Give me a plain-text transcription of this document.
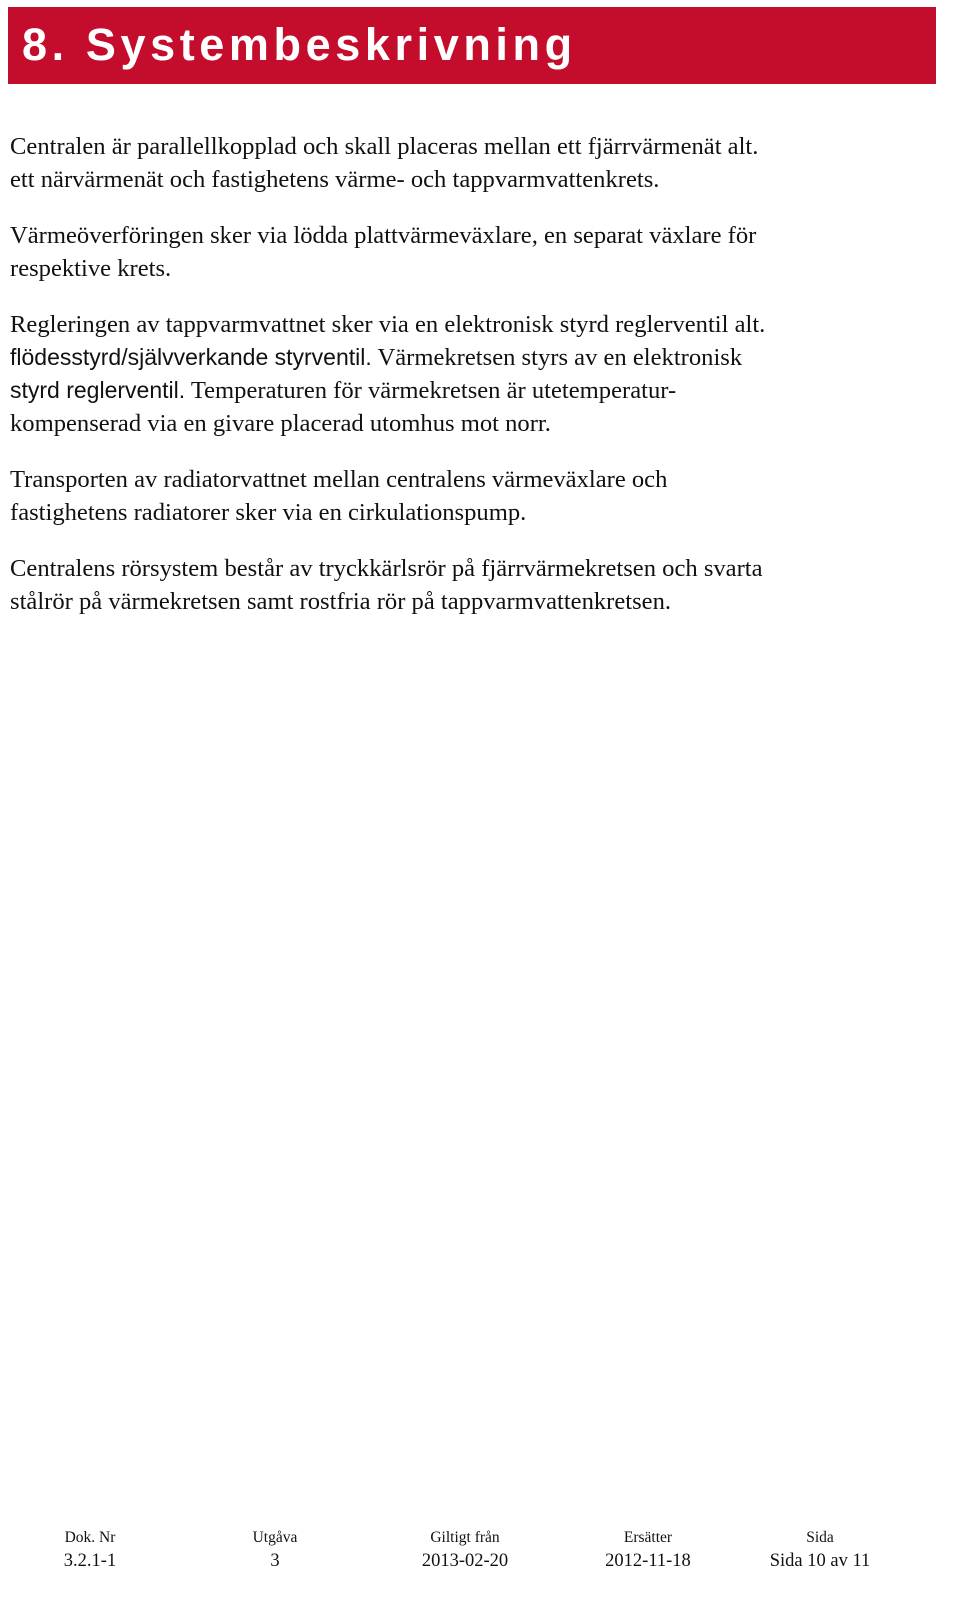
8. Systembeskrivning

Centralen är parallellkopplad och skall placeras mellan ett fjärrvärmenät alt.
ett närvärmenät och fastighetens värme- och tappvarmvattenkrets.

Värmeöverföringen sker via lödda plattvärmeväxlare, en separat växlare för
respektive krets.

Regleringen av tappvarmvattnet sker via en elektronisk styrd reglerventil alt.
flödesstyrd/självverkande styrventil. Värmekretsen styrs av en elektronisk
styrd reglerventil. Temperaturen för värmekretsen är utetemperatur-
kompenserad via en givare placerad utomhus mot norr.

Transporten av radiatorvattnet mellan centralens värmeväxlare och
fastighetens radiatorer sker via en cirkulationspump.

Centralens rörsystem består av tryckkärlsrör på fjärrvärmekretsen och svarta
stålrör på värmekretsen samt rostfria rör på tappvarmvattenkretsen.

Dok. Nr
3.2.1-1
Utgåva
3
Giltigt från
2013-02-20
Ersätter
2012-11-18
Sida
Sida 10 av 11
